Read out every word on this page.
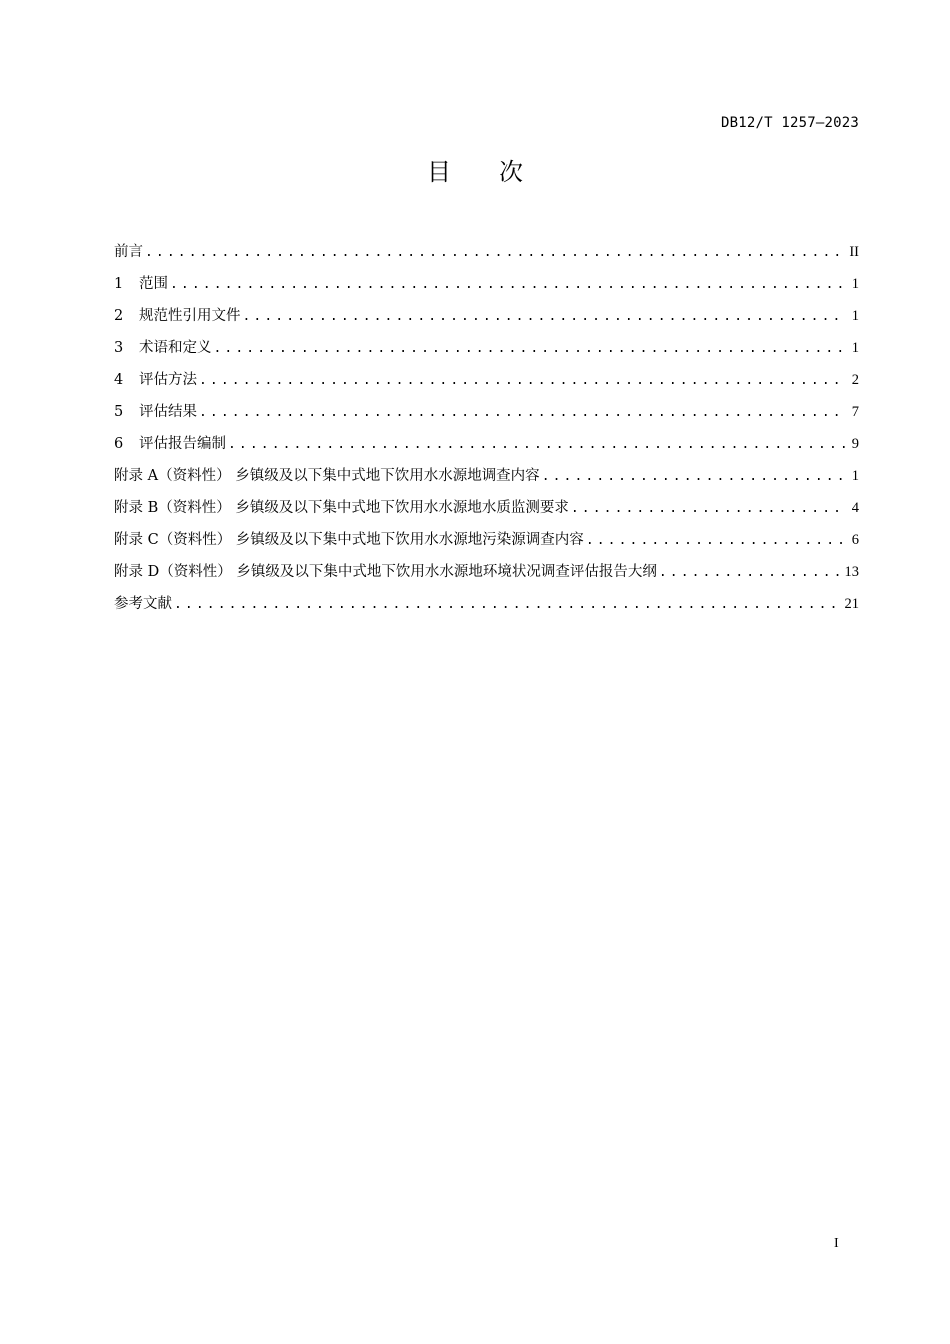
DB12/T 1257—2023
目次
前言 .....	II
1	范围 .....	1
2	规范性引用文件 .....	1
3	术语和定义 .....	1
4	评估方法 .....	2
5	评估结果 .....	7
6	评估报告编制 .....	9
附录 A（资料性） 乡镇级及以下集中式地下饮用水水源地调查内容 .....	1
附录 B（资料性） 乡镇级及以下集中式地下饮用水水源地水质监测要求 .....	4
附录 C（资料性） 乡镇级及以下集中式地下饮用水水源地污染源调查内容 .....	6
附录 D（资料性） 乡镇级及以下集中式地下饮用水水源地环境状况调查评估报告大纲 .....	13
参考文献 .....	21
I
